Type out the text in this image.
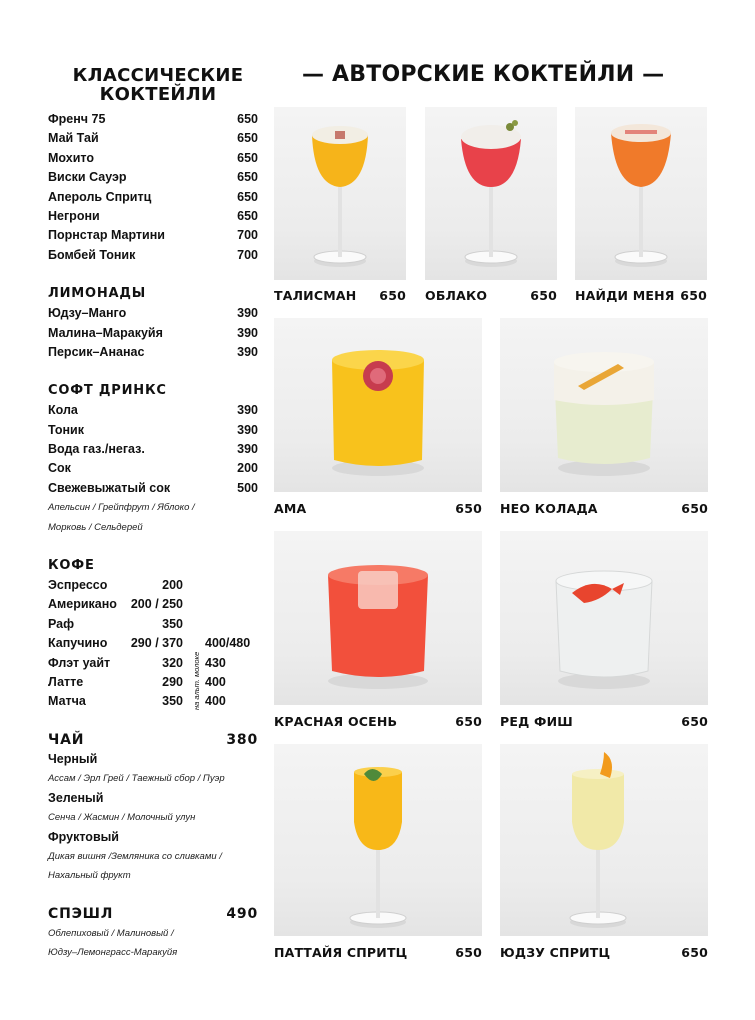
КЛАССИЧЕСКИЕ КОКТЕЙЛИ
Френч 75	650
Май Тай	650
Мохито	650
Виски Сауэр	650
Апероль Спритц	650
Негрони	650
Порнстар Мартини	700
Бомбей Тоник	700
ЛИМОНАДЫ
Юдзу–Манго	390
Малина–Маракуйя	390
Персик–Ананас	390
СОФТ ДРИНКС
Кола	390
Тоник	390
Вода газ./негаз.	390
Сок	200
Свежевыжатый сок	500
Апельсин / Грейпфрут / Яблоко /
Морковь / Сельдерей
КОФЕ
Эспрессо	200
Американо 200 / 250
Раф	350
Капучино 290 / 370 400/480
Флэт уайт	320 430
Латте	290 400
Матча	350 400
на альт. молоке
ЧАЙ	380
Черный
Ассам / Эрл Грей / Таежный сбор / Пуэр
Зеленый
Сенча / Жасмин / Молочный улун
Фруктовый
Дикая вишня /Земляника со сливками /
Нахальный фрукт
СПЭШЛ	490
Облепиховый / Малиновый /
Юдзу–Лемонграсс-Маракуйя
— АВТОРСКИЕ КОКТЕЙЛИ —
ТАЛИСМАН 650 ОБЛАКО	650 НАЙДИ МЕНЯ 650
АМА	650 НЕО КОЛАДА	650
КРАСНАЯ ОСЕНЬ	650 РЕД ФИШ	650
ПАТТАЙЯ СПРИТЦ	650 ЮДЗУ СПРИТЦ	650
